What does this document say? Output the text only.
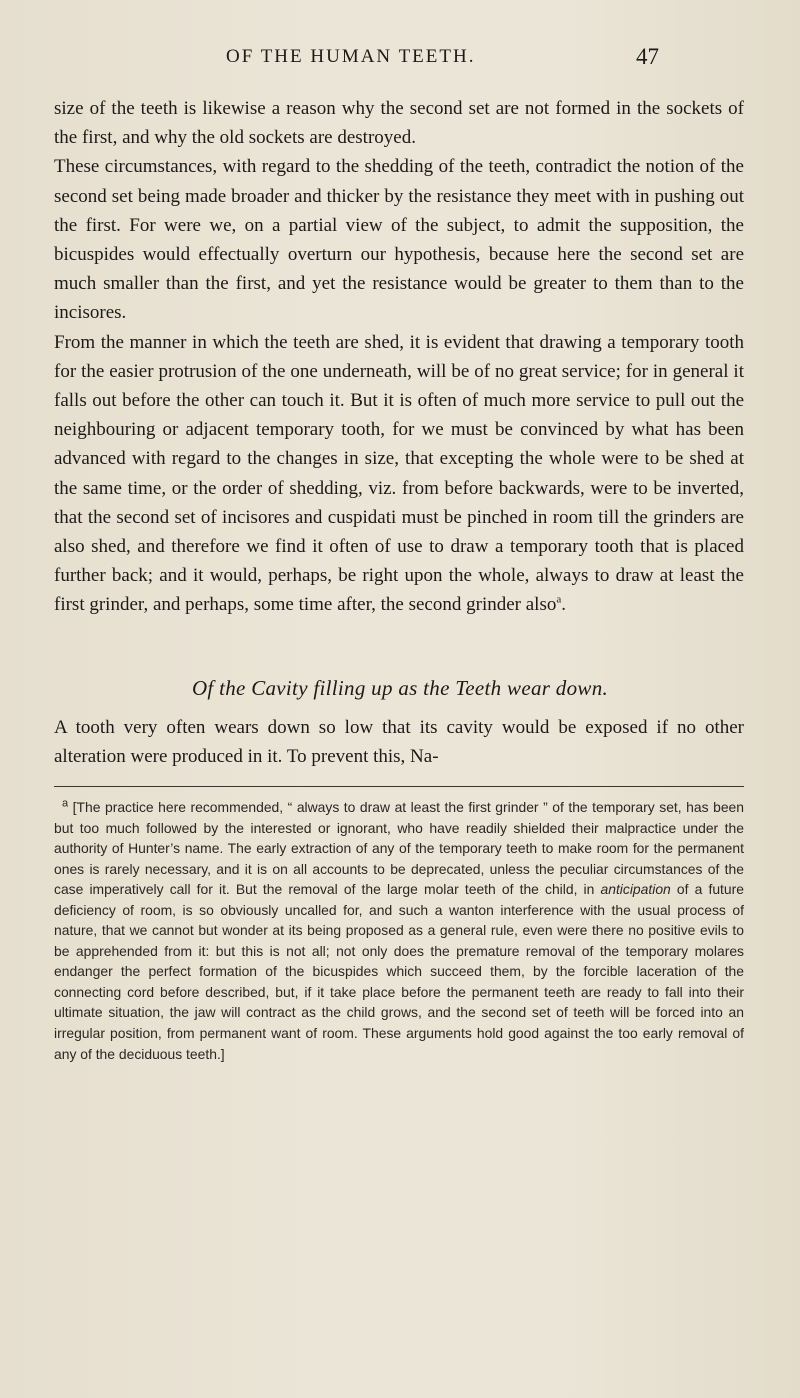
OF THE HUMAN TEETH.	47

size of the teeth is likewise a reason why the second set are not formed in the sockets of the first, and why the old sockets are destroyed.

These circumstances, with regard to the shedding of the teeth, contradict the notion of the second set being made broader and thicker by the resistance they meet with in pushing out the first. For were we, on a partial view of the subject, to admit the supposition, the bicuspides would effectually overturn our hypothesis, because here the second set are much smaller than the first, and yet the resistance would be greater to them than to the incisores.

From the manner in which the teeth are shed, it is evident that drawing a temporary tooth for the easier protrusion of the one underneath, will be of no great service; for in general it falls out before the other can touch it. But it is often of much more service to pull out the neighbouring or adjacent temporary tooth, for we must be convinced by what has been advanced with regard to the changes in size, that excepting the whole were to be shed at the same time, or the order of shedding, viz. from before backwards, were to be inverted, that the second set of incisores and cuspidati must be pinched in room till the grinders are also shed, and therefore we find it often of use to draw a temporary tooth that is placed further back; and it would, perhaps, be right upon the whole, always to draw at least the first grinder, and perhaps, some time after, the second grinder also$^a$.

Of the Cavity filling up as the Teeth wear down.

A tooth very often wears down so low that its cavity would be exposed if no other alteration were produced in it. To prevent this, Na-

$^a$ [The practice here recommended, “ always to draw at least the first grinder ” of the temporary set, has been but too much followed by the interested or ignorant, who have readily shielded their malpractice under the authority of Hunter’s name. The early extraction of any of the temporary teeth to make room for the permanent ones is rarely necessary, and it is on all accounts to be deprecated, unless the peculiar circumstances of the case imperatively call for it. But the removal of the large molar teeth of the child, in anticipation of a future deficiency of room, is so obviously uncalled for, and such a wanton interference with the usual process of nature, that we cannot but wonder at its being proposed as a general rule, even were there no positive evils to be apprehended from it: but this is not all; not only does the premature removal of the temporary molares endanger the perfect formation of the bicuspides which succeed them, by the forcible laceration of the connecting cord before described, but, if it take place before the permanent teeth are ready to fall into their ultimate situation, the jaw will contract as the child grows, and the second set of teeth will be forced into an irregular position, from permanent want of room. These arguments hold good against the too early removal of any of the deciduous teeth.]
